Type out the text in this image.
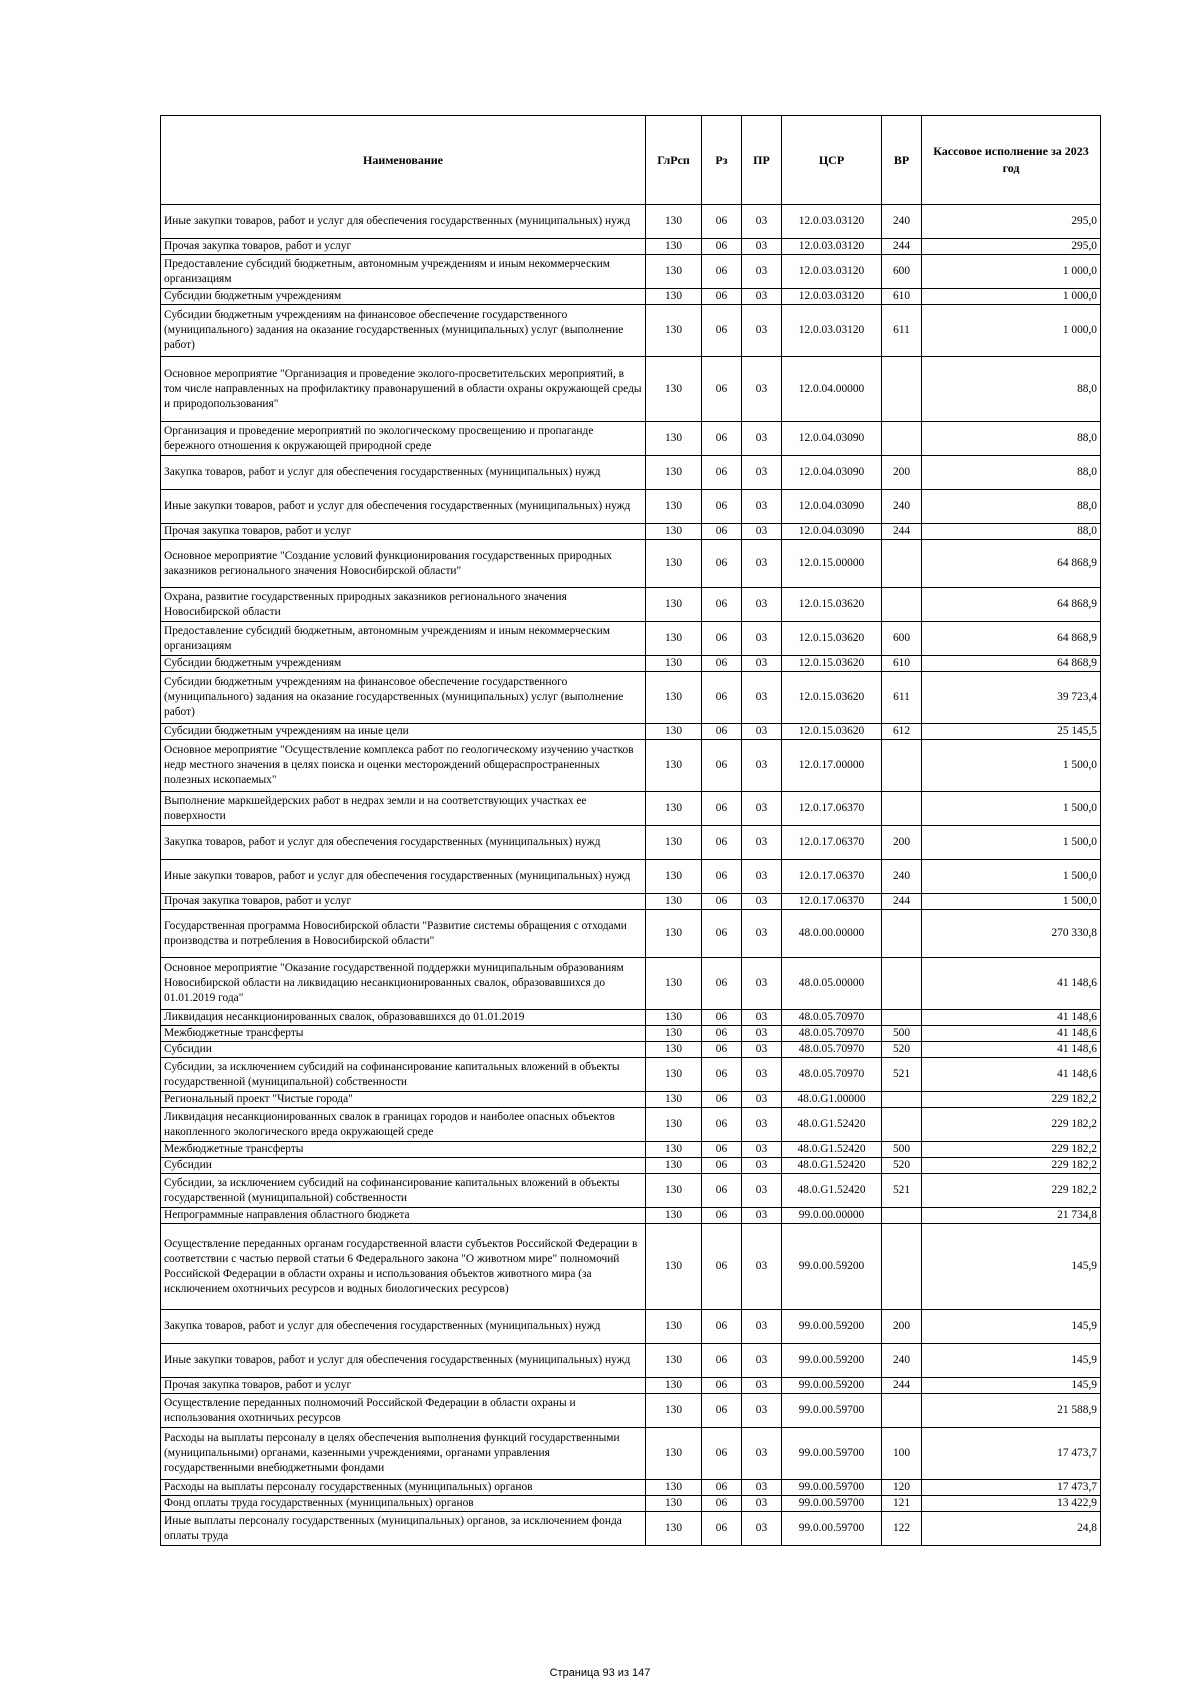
Наименование	ГлРсп	Рз	ПР	ЦСР	ВР	Кассовое исполнение за 2023 год
Иные закупки товаров, работ и услуг для обеспечения государственных (муниципальных) нужд	130	06	03	12.0.03.03120	240	295,0
Прочая закупка товаров, работ и услуг	130	06	03	12.0.03.03120	244	295,0
Предоставление субсидий бюджетным, автономным учреждениям и иным некоммерческим организациям	130	06	03	12.0.03.03120	600	1 000,0
Субсидии бюджетным учреждениям	130	06	03	12.0.03.03120	610	1 000,0
Субсидии бюджетным учреждениям на финансовое обеспечение государственного (муниципального) задания на оказание государственных (муниципальных) услуг (выполнение работ)	130	06	03	12.0.03.03120	611	1 000,0
Основное мероприятие "Организация и проведение эколого-просветительских мероприятий, в том числе направленных на профилактику правонарушений в области охраны окружающей среды и природопользования"	130	06	03	12.0.04.00000		88,0
Организация и проведение мероприятий по экологическому просвещению и пропаганде бережного отношения к окружающей природной среде	130	06	03	12.0.04.03090		88,0
Закупка товаров, работ и услуг для обеспечения государственных (муниципальных) нужд	130	06	03	12.0.04.03090	200	88,0
Иные закупки товаров, работ и услуг для обеспечения государственных (муниципальных) нужд	130	06	03	12.0.04.03090	240	88,0
Прочая закупка товаров, работ и услуг	130	06	03	12.0.04.03090	244	88,0
Основное мероприятие "Создание условий функционирования государственных природных заказников регионального значения Новосибирской области"	130	06	03	12.0.15.00000		64 868,9
Охрана, развитие государственных природных заказников регионального значения Новосибирской области	130	06	03	12.0.15.03620		64 868,9
Предоставление субсидий бюджетным, автономным учреждениям и иным некоммерческим организациям	130	06	03	12.0.15.03620	600	64 868,9
Субсидии бюджетным учреждениям	130	06	03	12.0.15.03620	610	64 868,9
Субсидии бюджетным учреждениям на финансовое обеспечение государственного (муниципального) задания на оказание государственных (муниципальных) услуг (выполнение работ)	130	06	03	12.0.15.03620	611	39 723,4
Субсидии бюджетным учреждениям на иные цели	130	06	03	12.0.15.03620	612	25 145,5
Основное мероприятие "Осуществление комплекса работ по геологическому изучению участков недр местного значения в целях поиска и оценки месторождений общераспространенных полезных ископаемых"	130	06	03	12.0.17.00000		1 500,0
Выполнение маркшейдерских работ в недрах земли и на соответствующих участках ее поверхности	130	06	03	12.0.17.06370		1 500,0
Закупка товаров, работ и услуг для обеспечения государственных (муниципальных) нужд	130	06	03	12.0.17.06370	200	1 500,0
Иные закупки товаров, работ и услуг для обеспечения государственных (муниципальных) нужд	130	06	03	12.0.17.06370	240	1 500,0
Прочая закупка товаров, работ и услуг	130	06	03	12.0.17.06370	244	1 500,0
Государственная программа Новосибирской области "Развитие системы обращения с отходами производства и потребления в Новосибирской области"	130	06	03	48.0.00.00000		270 330,8
Основное мероприятие "Оказание государственной поддержки муниципальным образованиям Новосибирской области на ликвидацию несанкционированных свалок, образовавшихся до 01.01.2019 года"	130	06	03	48.0.05.00000		41 148,6
Ликвидация несанкционированных свалок, образовавшихся до 01.01.2019	130	06	03	48.0.05.70970		41 148,6
Межбюджетные трансферты	130	06	03	48.0.05.70970	500	41 148,6
Субсидии	130	06	03	48.0.05.70970	520	41 148,6
Субсидии, за исключением субсидий на софинансирование капитальных вложений в объекты государственной (муниципальной) собственности	130	06	03	48.0.05.70970	521	41 148,6
Региональный проект "Чистые города"	130	06	03	48.0.G1.00000		229 182,2
Ликвидация несанкционированных свалок в границах городов и наиболее опасных объектов накопленного экологического вреда окружающей среде	130	06	03	48.0.G1.52420		229 182,2
Межбюджетные трансферты	130	06	03	48.0.G1.52420	500	229 182,2
Субсидии	130	06	03	48.0.G1.52420	520	229 182,2
Субсидии, за исключением субсидий на софинансирование капитальных вложений в объекты государственной (муниципальной) собственности	130	06	03	48.0.G1.52420	521	229 182,2
Непрограммные направления областного бюджета	130	06	03	99.0.00.00000		21 734,8
Осуществление переданных органам государственной власти субъектов Российской Федерации в соответствии с частью первой статьи 6 Федерального закона "О животном мире" полномочий Российской Федерации в области охраны и использования объектов животного мира (за исключением охотничьих ресурсов и водных биологических ресурсов)	130	06	03	99.0.00.59200		145,9
Закупка товаров, работ и услуг для обеспечения государственных (муниципальных) нужд	130	06	03	99.0.00.59200	200	145,9
Иные закупки товаров, работ и услуг для обеспечения государственных (муниципальных) нужд	130	06	03	99.0.00.59200	240	145,9
Прочая закупка товаров, работ и услуг	130	06	03	99.0.00.59200	244	145,9
Осуществление переданных полномочий Российской Федерации в области охраны и использования охотничьих ресурсов	130	06	03	99.0.00.59700		21 588,9
Расходы на выплаты персоналу в целях обеспечения выполнения функций государственными (муниципальными) органами, казенными учреждениями, органами управления государственными внебюджетными фондами	130	06	03	99.0.00.59700	100	17 473,7
Расходы на выплаты персоналу государственных (муниципальных) органов	130	06	03	99.0.00.59700	120	17 473,7
Фонд оплаты труда государственных (муниципальных) органов	130	06	03	99.0.00.59700	121	13 422,9
Иные выплаты персоналу государственных (муниципальных) органов, за исключением фонда оплаты труда	130	06	03	99.0.00.59700	122	24,8
Страница 93 из 147
